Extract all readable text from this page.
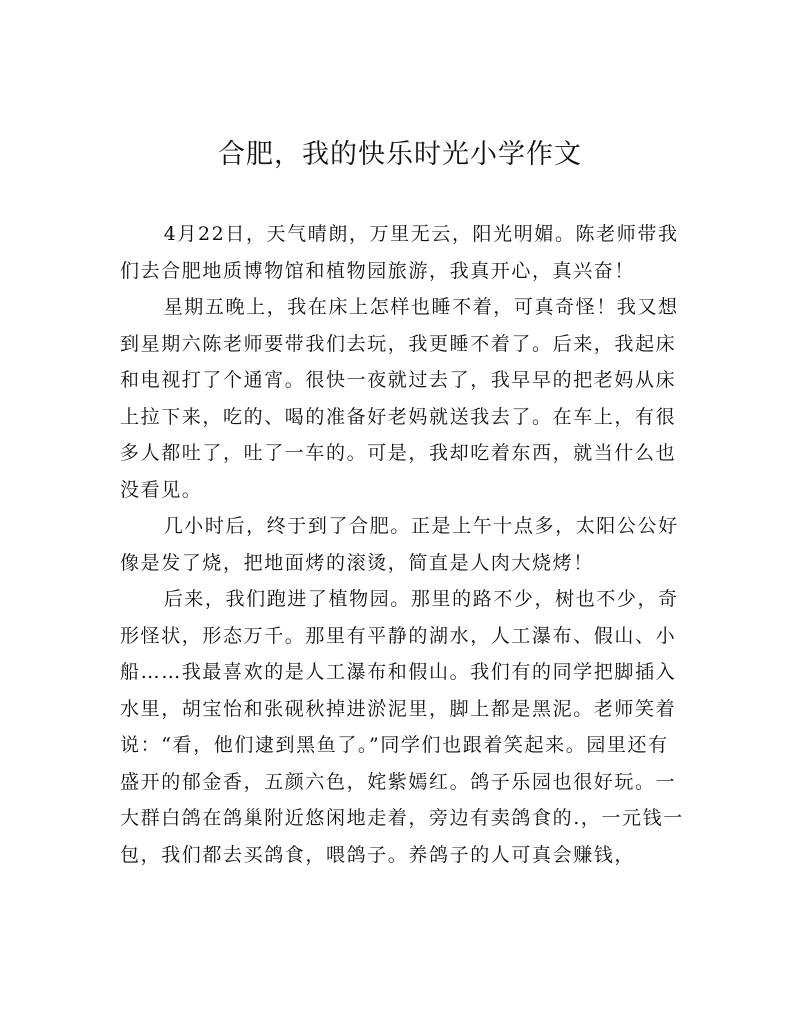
合肥，我的快乐时光小学作文

4月22日，天气晴朗，万里无云，阳光明媚。陈老师带我们去合肥地质博物馆和植物园旅游，我真开心，真兴奋！

星期五晚上，我在床上怎样也睡不着，可真奇怪！我又想到星期六陈老师要带我们去玩，我更睡不着了。后来，我起床和电视打了个通宵。很快一夜就过去了，我早早的把老妈从床上拉下来，吃的、喝的准备好老妈就送我去了。在车上，有很多人都吐了，吐了一车的。可是，我却吃着东西，就当什么也没看见。

几小时后，终于到了合肥。正是上午十点多，太阳公公好像是发了烧，把地面烤的滚烫，简直是人肉大烧烤！

后来，我们跑进了植物园。那里的路不少，树也不少，奇形怪状，形态万千。那里有平静的湖水，人工瀑布、假山、小船……我最喜欢的是人工瀑布和假山。我们有的同学把脚插入水里，胡宝怡和张砚秋掉进淤泥里，脚上都是黑泥。老师笑着说：“看，他们逮到黑鱼了。”同学们也跟着笑起来。园里还有盛开的郁金香，五颜六色，姹紫嫣红。鸽子乐园也很好玩。一大群白鸽在鸽巢附近悠闲地走着，旁边有卖鸽食的.，一元钱一包，我们都去买鸽食，喂鸽子。养鸽子的人可真会赚钱，
